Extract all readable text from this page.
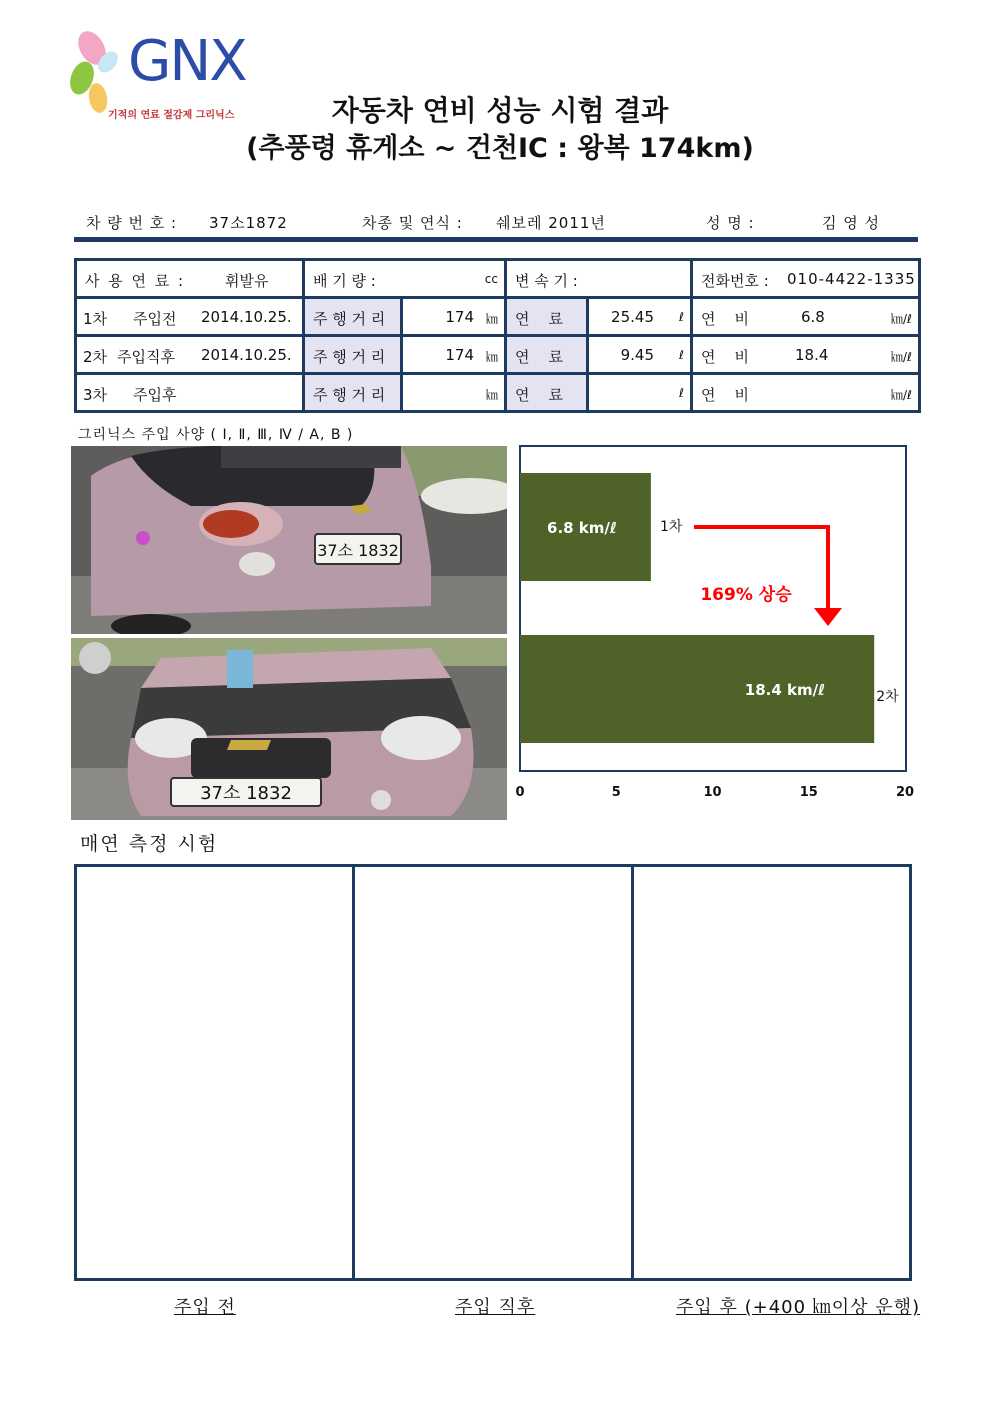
GNX
기적의 연료 절감제 그리닉스	자동차 연비 성능 시험 결과
(추풍령 휴게소 ~ 건천IC : 왕복 174km)
차 량 번 호 : 37소1872	차종 및 연식 : 쉐보레 2011년	성 명 :	김 영 성
사 용 연 료 : 휘발유	배 기 량 : cc		변 속 기 :		전화번호 : 010-4422-1335

1차 주입전 2014.10.25.	주 행 거 리	174 ㎞	연    료	25.45 ℓ	연    비 6.8 ㎞/ℓ

2차 주입직후 2014.10.25.	주 행 거 리	174 ㎞	연    료	9.45 ℓ	연    비 18.4 ㎞/ℓ

3차 주입후	주 행 거 리	㎞	연    료	ℓ	연    비 ㎞/ℓ
그리닉스 주입 사양 ( Ⅰ, Ⅱ, Ⅲ, Ⅳ / A, B )
37소 1832
37소 1832
6.8 km/ℓ	1차
18.4 km/ℓ	2차
0	5	10	15	20
169% 상승
매연 측정 시험
주입 전	주입 직후	주입 후 (+400 ㎞이상 운행)
